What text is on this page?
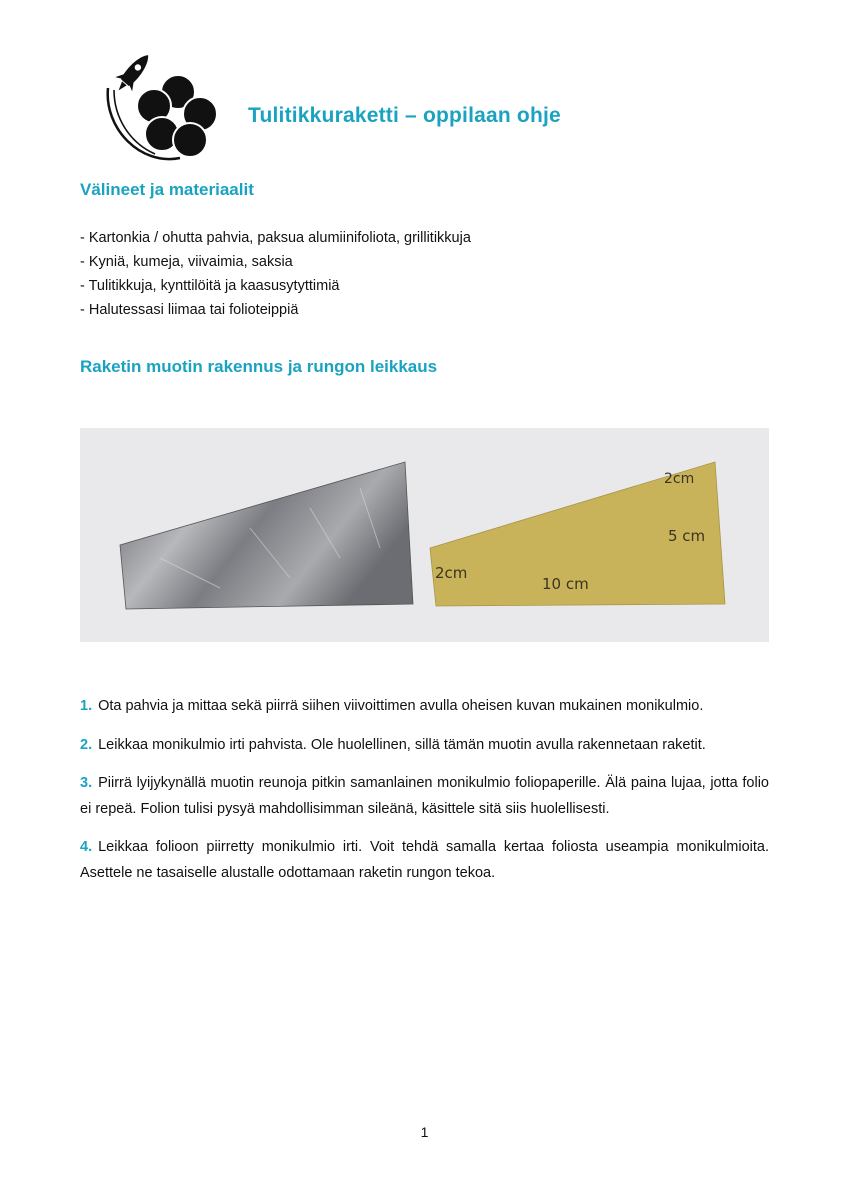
Tulitikkuraketti – oppilaan ohje
Välineet ja materiaalit
- Kartonkia / ohutta pahvia, paksua alumiinifoliota, grillitikkuja
- Kyniä, kumeja, viivaimia, saksia
- Tulitikkuja, kynttilöitä ja kaasusytyttimiä
- Halutessasi liimaa tai folioteippiä
Raketin muotin rakennus ja rungon leikkaus
2cm
5 cm
2cm
10 cm

1. Ota pahvia ja mittaa sekä piirrä siihen viivoittimen avulla oheisen kuvan mukainen monikulmio.

2. Leikkaa monikulmio irti pahvista. Ole huolellinen, sillä tämän muotin avulla rakennetaan raketit.

3. Piirrä lyijykynällä muotin reunoja pitkin samanlainen monikulmio foliopaperille. Älä paina lujaa, jotta folio ei repeä. Folion tulisi pysyä mahdollisimman sileänä, käsittele sitä siis huolellisesti.

4. Leikkaa folioon piirretty monikulmio irti. Voit tehdä samalla kertaa foliosta useampia monikulmioita. Asettele ne tasaiselle alustalle odottamaan raketin rungon tekoa.

1
